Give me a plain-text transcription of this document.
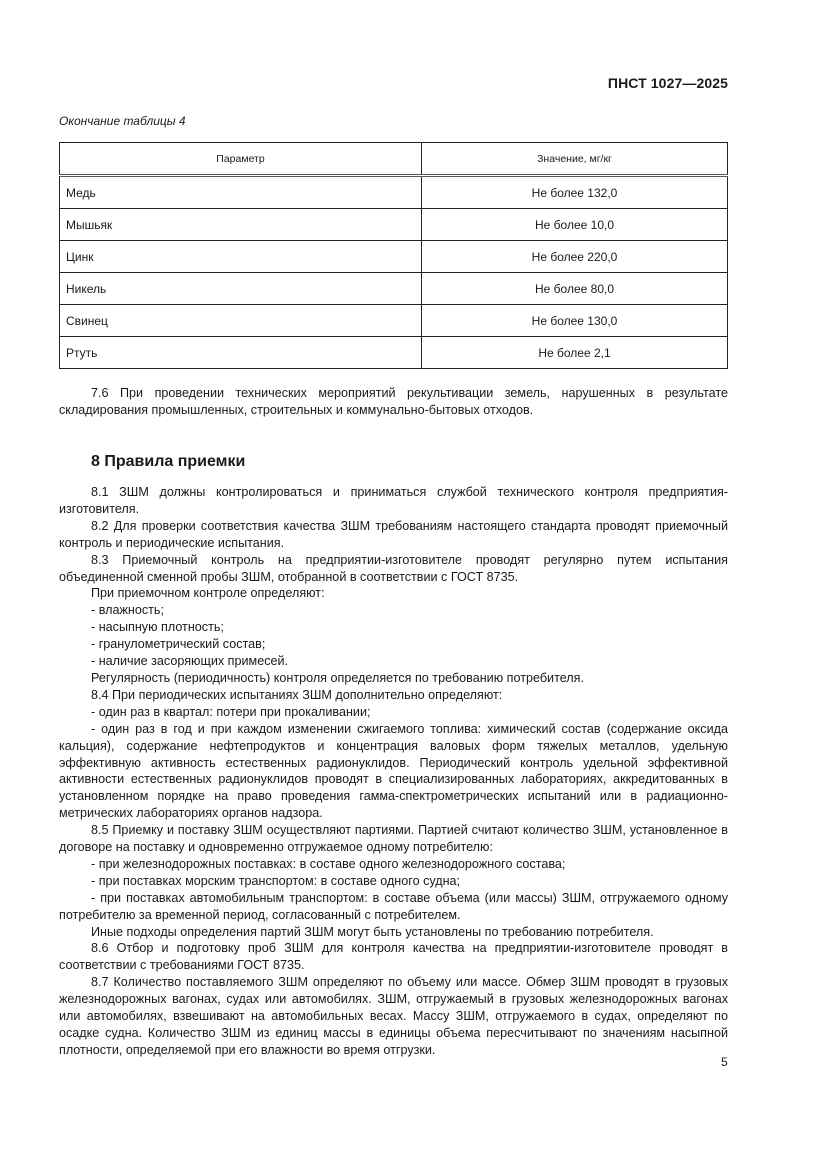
ПНСТ 1027—2025
Окончание таблицы 4
Параметр	Значение, мг/кг
Медь	Не более 132,0
Мышьяк	Не более 10,0
Цинк	Не более 220,0
Никель	Не более 80,0
Свинец	Не более 130,0
Ртуть	Не более 2,1

7.6 При проведении технических мероприятий рекультивации земель, нарушенных в результате складирования промышленных, строительных и коммунально-бытовых отходов.

8 Правила приемки

8.1 ЗШМ должны контролироваться и приниматься службой технического контроля предприятия-изготовителя.

8.2 Для проверки соответствия качества ЗШМ требованиям настоящего стандарта проводят приемочный контроль и периодические испытания.

8.3 Приемочный контроль на предприятии-изготовителе проводят регулярно путем испытания объединенной сменной пробы ЗШМ, отобранной в соответствии с ГОСТ 8735.

При приемочном контроле определяют:

- влажность;

- насыпную плотность;

- гранулометрический состав;

- наличие засоряющих примесей.

Регулярность (периодичность) контроля определяется по требованию потребителя.

8.4 При периодических испытаниях ЗШМ дополнительно определяют:

- один раз в квартал: потери при прокаливании;

- один раз в год и при каждом изменении сжигаемого топлива: химический состав (содержание оксида кальция), содержание нефтепродуктов и концентрация валовых форм тяжелых металлов, удельную эффективную активность естественных радионуклидов. Периодический контроль удельной эффективной активности естественных радионуклидов проводят в специализированных лабораториях, аккредитованных в установленном порядке на право проведения гамма-спектрометрических испытаний или в радиационно-метрических лабораториях органов надзора.

8.5 Приемку и поставку ЗШМ осуществляют партиями. Партией считают количество ЗШМ, установленное в договоре на поставку и одновременно отгружаемое одному потребителю:

- при железнодорожных поставках: в составе одного железнодорожного состава;

- при поставках морским транспортом: в составе одного судна;

- при поставках автомобильным транспортом: в составе объема (или массы) ЗШМ, отгружаемого одному потребителю за временной период, согласованный с потребителем.

Иные подходы определения партий ЗШМ могут быть установлены по требованию потребителя.

8.6 Отбор и подготовку проб ЗШМ для контроля качества на предприятии-изготовителе проводят в соответствии с требованиями ГОСТ 8735.

8.7 Количество поставляемого ЗШМ определяют по объему или массе. Обмер ЗШМ проводят в грузовых железнодорожных вагонах, судах или автомобилях. ЗШМ, отгружаемый в грузовых железнодорожных вагонах или автомобилях, взвешивают на автомобильных весах. Массу ЗШМ, отгружаемого в судах, определяют по осадке судна. Количество ЗШМ из единиц массы в единицы объема пересчитывают по значениям насыпной плотности, определяемой при его влажности во время отгрузки.

5
